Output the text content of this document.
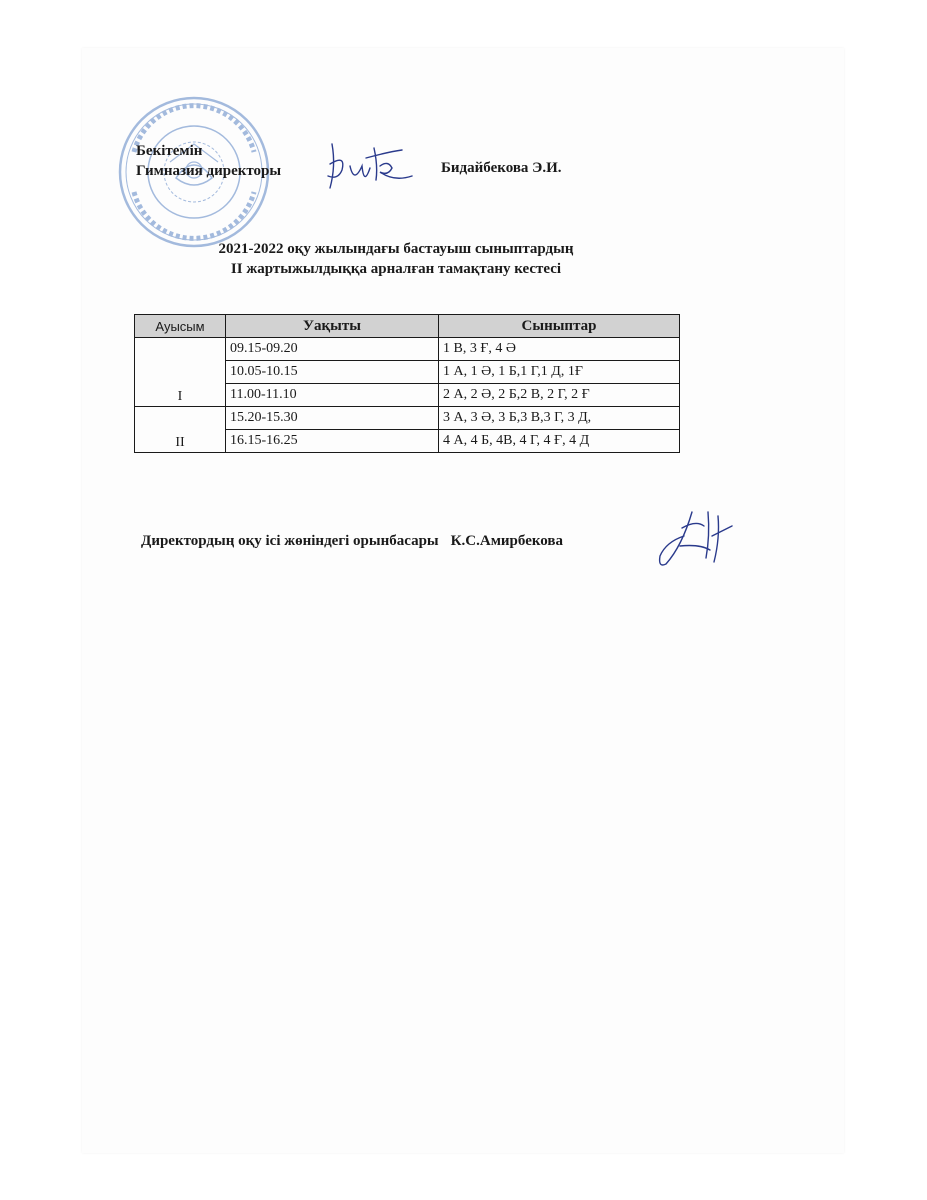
Бекітемін
Гимназия директоры	Бидайбекова Э.И.
2021-2022 оқу жылындағы бастауыш сыныптардың
II жартыжылдыққа арналған тамақтану кестесі
Ауысым	Уақыты	Сыныптар
I	09.15-09.20	1 В, 3 Ғ, 4 Ә
	10.05-10.15	1 А, 1 Ә, 1 Б,1 Г,1 Д, 1Ғ
	11.00-11.10	2 А, 2 Ә, 2 Б,2 В, 2 Г, 2 Ғ
II	15.20-15.30	3 А, 3 Ә, 3 Б,3 В,3 Г, 3 Д,
	16.15-16.25	4 А, 4 Б, 4В, 4 Г, 4 Ғ, 4 Д
Директордың оқу ісі жөніндегі орынбасары К.С.Амирбекова
